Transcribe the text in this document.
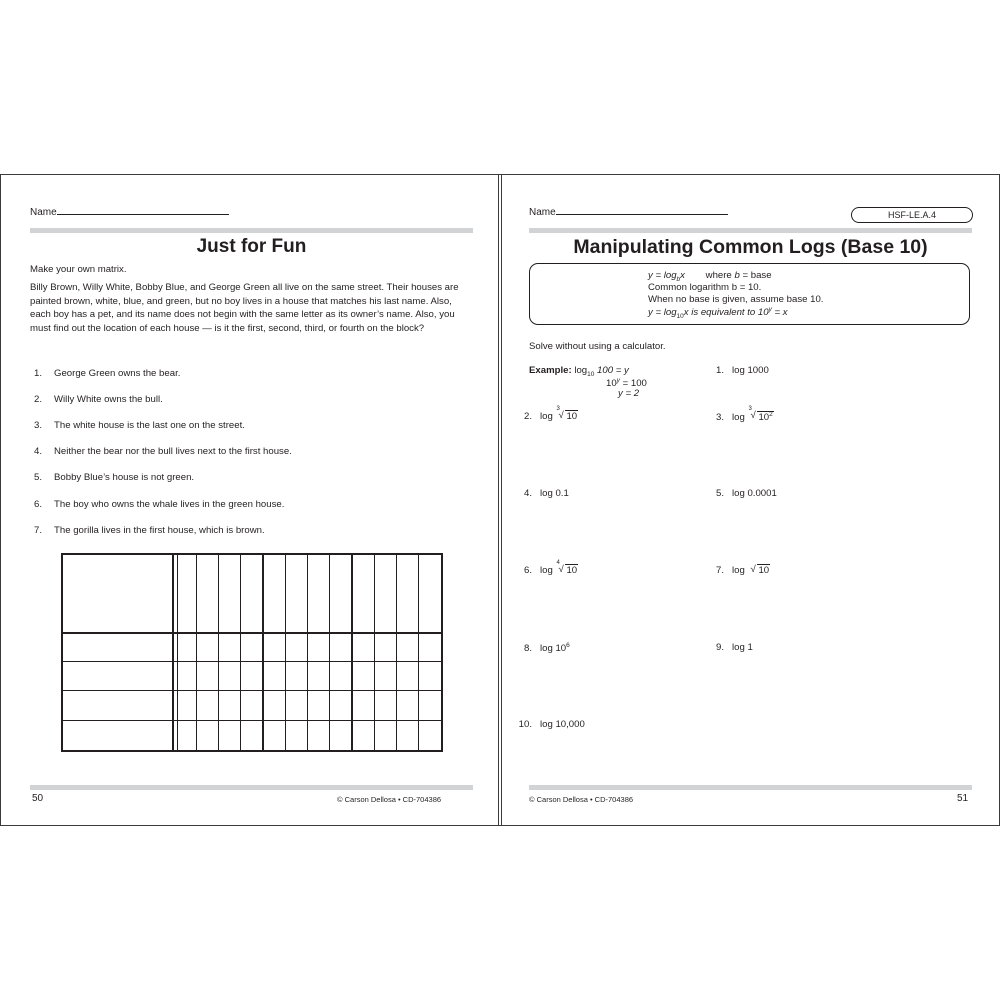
Name
Just for Fun
Make your own matrix.
Billy Brown, Willy White, Bobby Blue, and George Green all live on the same street. Their houses are painted brown, white, blue, and green, but no boy lives in a house that matches his last name. Also, each boy has a pet, and its name does not begin with the same letter as its owner’s name. Also, you must find out the location of each house — is it the first, second, third, or fourth on the block?
1. George Green owns the bear.
2. Willy White owns the bull.
3. The white house is the last one on the street.
4. Neither the bear nor the bull lives next to the first house.
5. Bobby Blue’s house is not green.
6. The boy who owns the whale lives in the green house.
7. The gorilla lives in the first house, which is brown.
50	© Carson Dellosa • CD-704386
Name	HSF-LE.A.4
Manipulating Common Logs (Base 10)
$y = \log_bx$ where b = base
Common logarithm b = 10.
When no base is given, assume base 10.
$y = \log_{10}x$ is equivalent to $10^y = x$
Solve without using a calculator.
Example: $\log_{10} 100 = y$
$10^y = 100$
y = 2
1. log 1000
2. log
3
√ 10	3. log
3
√ $10^2$
4. log 0.1	5. log 0.0001
6. log
4
√ 10	7. log √ 10
8. $\log 10^6$	9. log 1
10. log 10,000
© Carson Dellosa • CD-704386	51
